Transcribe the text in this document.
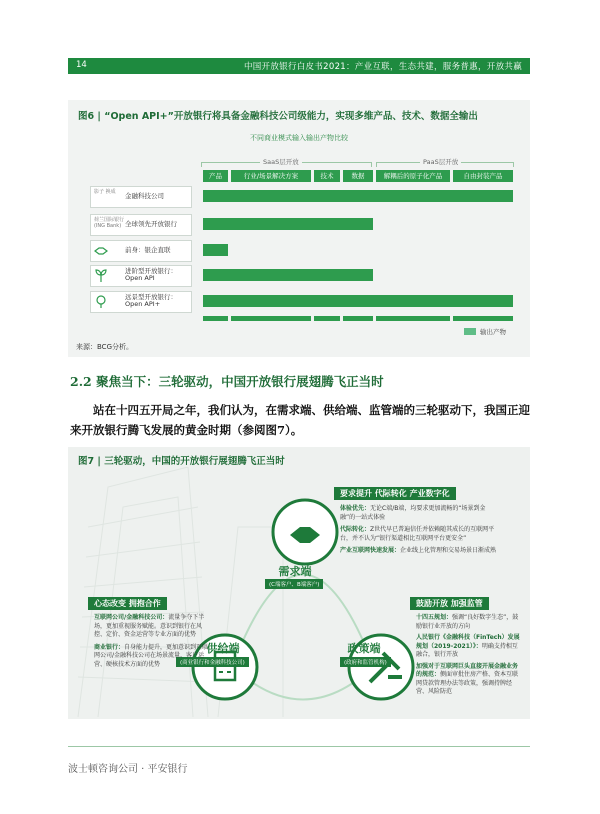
14	中国开放银行白皮书2021：产业互联，生态共建，服务普惠，开放共赢
图6 | “Open API+”开放银行将具备金融科技公司级能力，实现多维产品、技术、数据全输出
不同商业模式输入输出产物比较
SaaS层开放	PaaS层开放
产品	行业/场景解决方案	技术	数据	解耦后的原子化产品	自由封装产品
影子 换成	金融科技公司
荷兰国际银行 (ING Bank) 全球领先开放银行
前身：银企直联
进阶型开放银行：Open API
远景型开放银行：Open API+
输出产物
来源：BCG分析。
2.2 聚焦当下：三轮驱动，中国开放银行展翅腾飞正当时
站在十四五开局之年，我们认为，在需求端、供给端、监管端的三轮驱动下，我国正迎来开放银行腾飞发展的黄金时期（参阅图7）。
图7 | 三轮驱动，中国的开放银行展翅腾飞正当时
需求端
(C端客户、B端客户)
供给端
(商业银行和金融科技公司)
政策端
(政府和监管机构)
要求提升 代际转化 产业数字化
体验优先：无论C端/B端，均要求更加流畅的“场景到金融”的一站式体验
代际转化：Z世代早已普遍信任并依赖随其成长的互联网平台，并不认为“银行渠道相比互联网平台更安全”
产业互联网快速发展：企业线上化管理和交易场景日渐成熟
心态改变 拥抱合作
互联网公司/金融科技公司：流量争夺下半场，更加重视服务赋能。意识到银行在风控、定价、资金运营等专业方面的优势
商业银行：自身能力提升，更加意识到互联网公司/金融科技公司在场景流量、客户运营、硬核技术方面的优势
鼓励开放 加强监管
十四五规划：强调“良好数字生态”，鼓励银行业开放的方向
人民银行《金融科技（FinTech）发展规划（2019-2021）》：明确支持相互融合，银行开放
加强对于互联网巨头直接开展金融业务的规范：侧面审批住房产格、资本互联网贷款管理办法等政策，强调持牌经营、风险防范
波士顿咨询公司 · 平安银行
